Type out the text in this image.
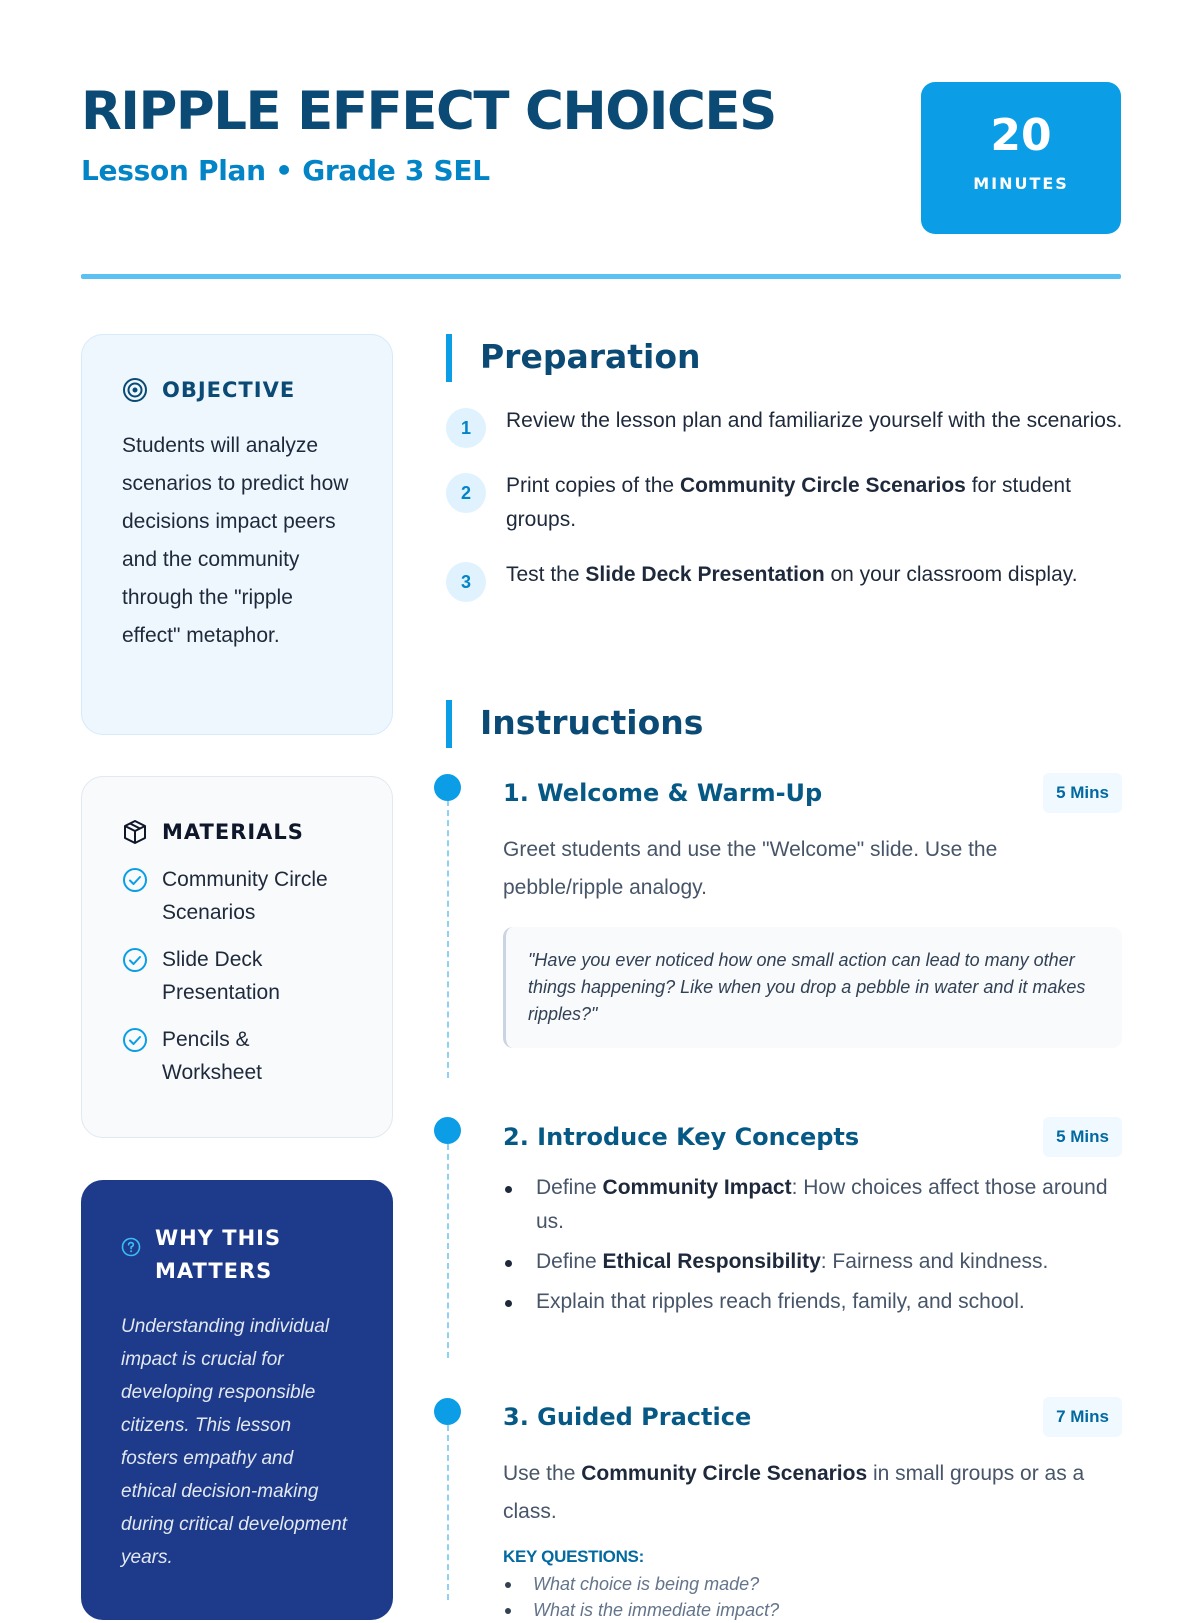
RIPPLE EFFECT CHOICES
Lesson Plan • Grade 3 SEL
20
MINUTES
OBJECTIVE
Students will analyze scenarios to predict how decisions impact peers and the community through the "ripple effect" metaphor.
MATERIALS
Community Circle Scenarios
Slide Deck Presentation
Pencils & Worksheet
WHY THIS MATTERS
Understanding individual impact is crucial for developing responsible citizens. This lesson fosters empathy and ethical decision-making during critical development years.
Preparation
1	Review the lesson plan and familiarize yourself with the scenarios.
2	Print copies of the Community Circle Scenarios for student groups.
3	Test the Slide Deck Presentation on your classroom display.
Instructions
1. Welcome & Warm-Up	5 Mins
Greet students and use the "Welcome" slide. Use the pebble/ripple analogy.
"Have you ever noticed how one small action can lead to many other things happening? Like when you drop a pebble in water and it makes ripples?"
2. Introduce Key Concepts	5 Mins
Define Community Impact: How choices affect those around us.
Define Ethical Responsibility: Fairness and kindness.
Explain that ripples reach friends, family, and school.
3. Guided Practice	7 Mins
Use the Community Circle Scenarios in small groups or as a class.
KEY QUESTIONS:
What choice is being made?
What is the immediate impact?
